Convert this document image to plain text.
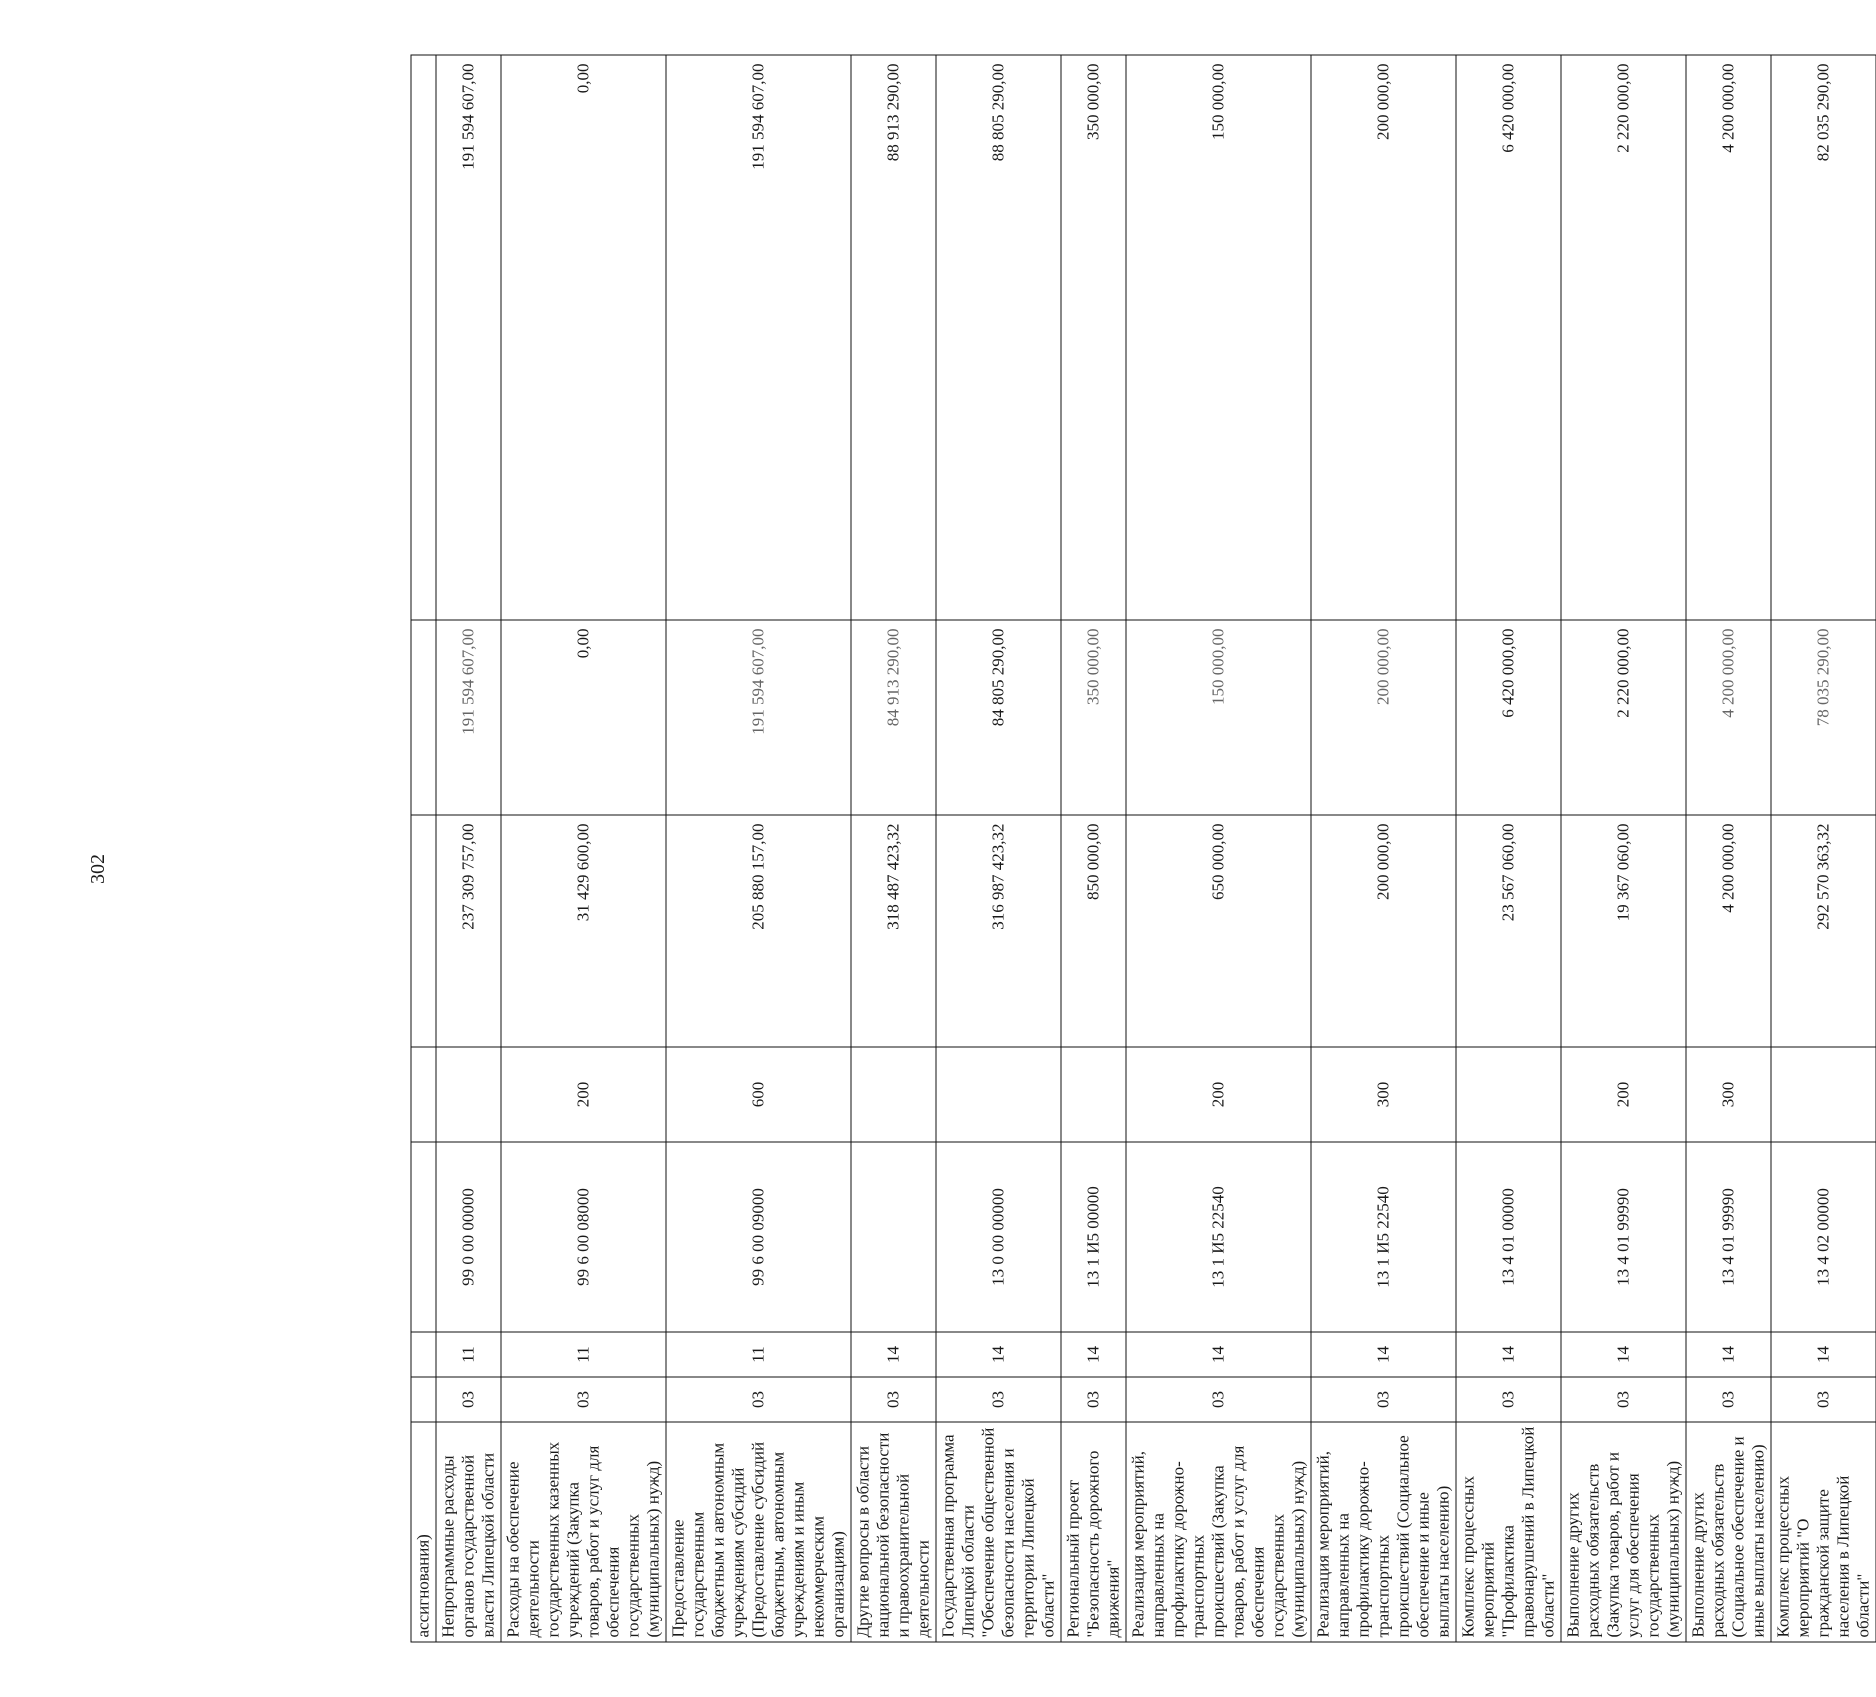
302
ассигнования)							
Непрограммные расходы органов государственной власти Липецкой области	03	11	99 0 00 00000		237 309 757,00	191 594 607,00	191 594 607,00
Расходы на обеспечение деятельности государственных казенных учреждений (Закупка товаров, работ и услуг для обеспечения государственных (муниципальных) нужд)	03	11	99 6 00 08000	200	31 429 600,00	0,00	0,00
Предоставление государственным бюджетным и автономным учреждениям субсидий (Предоставление субсидий бюджетным, автономным учреждениям и иным некоммерческим организациям)	03	11	99 6 00 09000	600	205 880 157,00	191 594 607,00	191 594 607,00
Другие вопросы в области национальной безопасности и правоохранительной деятельности	03	14			318 487 423,32	84 913 290,00	88 913 290,00
Государственная программа Липецкой области "Обеспечение общественной безопасности населения и территории Липецкой области"	03	14	13 0 00 00000		316 987 423,32	84 805 290,00	88 805 290,00
Региональный проект "Безопасность дорожного движения"	03	14	13 1 И5 00000		850 000,00	350 000,00	350 000,00
Реализация мероприятий, направленных на профилактику дорожно-транспортных происшествий (Закупка товаров, работ и услуг для обеспечения государственных (муниципальных) нужд)	03	14	13 1 И5 22540	200	650 000,00	150 000,00	150 000,00
Реализация мероприятий, направленных на профилактику дорожно-транспортных происшествий (Социальное обеспечение и иные выплаты населению)	03	14	13 1 И5 22540	300	200 000,00	200 000,00	200 000,00
Комплекс процессных мероприятий "Профилактика правонарушений в Липецкой области"	03	14	13 4 01 00000		23 567 060,00	6 420 000,00	6 420 000,00
Выполнение других расходных обязательств (Закупка товаров, работ и услуг для обеспечения государственных (муниципальных) нужд)	03	14	13 4 01 99990	200	19 367 060,00	2 220 000,00	2 220 000,00
Выполнение других расходных обязательств (Социальное обеспечение и иные выплаты населению)	03	14	13 4 01 99990	300	4 200 000,00	4 200 000,00	4 200 000,00
Комплекс процессных мероприятий "О гражданской защите населения в Липецкой области"	03	14	13 4 02 00000		292 570 363,32	78 035 290,00	82 035 290,00
